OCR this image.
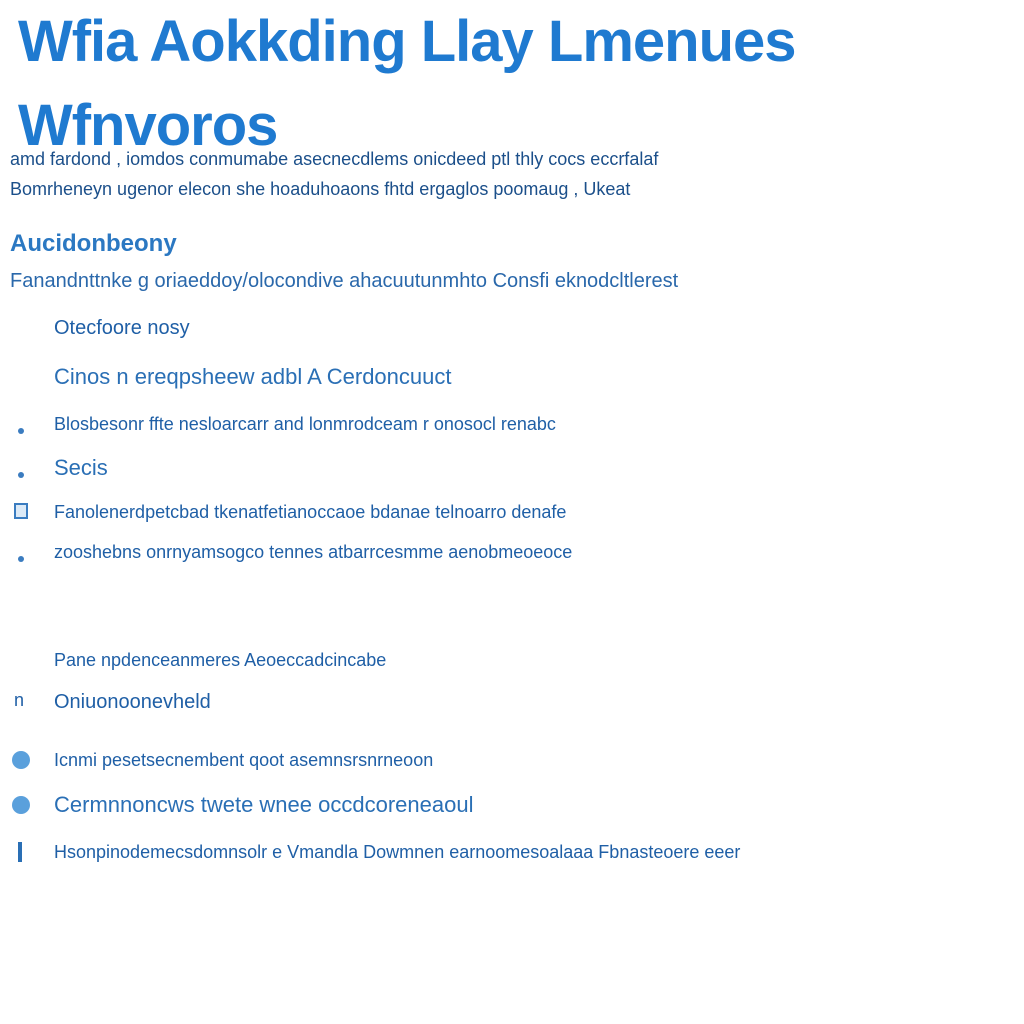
Wfia Aokkding Llay Lmenues
Wfnvoros

amd fardond , iomdos conmumabe asecnecdlems onicdeed ptl thly cocs eccrfalaf
Bomrheneyn ugenor elecon she hoaduhoaons fhtd ergaglos poomaug , Ukeat

Aucidonbeony
Fanandnttnke g oriaeddoy/olocondive ahacuutunmhto Consfi eknodcltlerest
Otecfoore nosy
Cinos n ereqpsheew adbl A Cerdoncuuct
Blosbesonr ffte nesloarcarr and lonmrodceam r onosocl renabc
Secis
Fanolenerdpetcbad tkenatfetianoccaoe bdanae telnoarro denafe
zooshebns onrnyamsogco tennes atbarrcesmme aenobmeoeoce
Pane npdenceanmeres Aeoeccadcincabe
n Oniuonoonevheld
Icnmi pesetsecnembent qoot asemnsrsnrneoon
Cermnnoncws twete wnee occdcoreneaoul
Hsonpinodemecsdomnsolr e Vmandla Dowmnen earnoomesoalaaa Fbnasteoere eeer
